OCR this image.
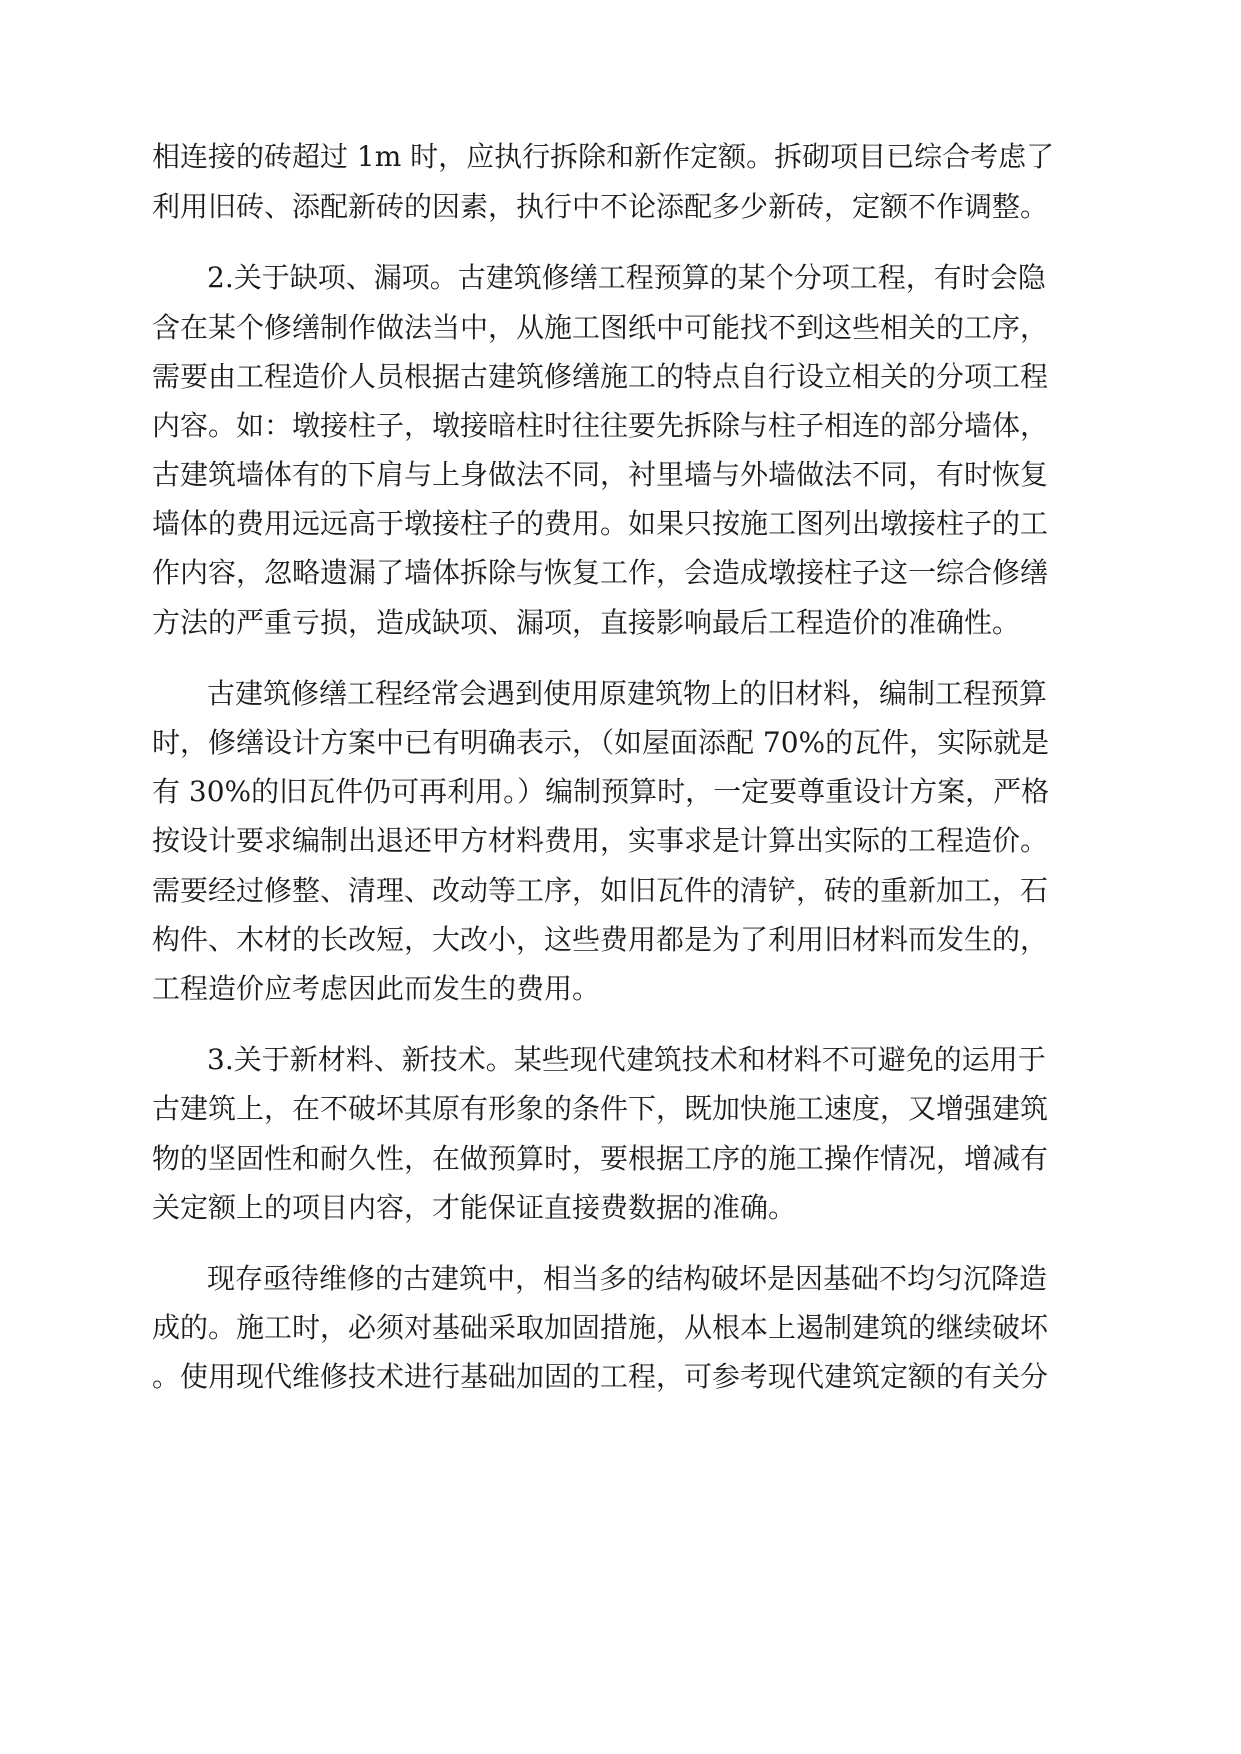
相连接的砖超过 1m 时，应执行拆除和新作定额。拆砌项目已综合考虑了
利用旧砖、添配新砖的因素，执行中不论添配多少新砖，定额不作调整。
2.关于缺项、漏项。古建筑修缮工程预算的某个分项工程，有时会隐
含在某个修缮制作做法当中，从施工图纸中可能找不到这些相关的工序，
需要由工程造价人员根据古建筑修缮施工的特点自行设立相关的分项工程
内容。如：墩接柱子，墩接暗柱时往往要先拆除与柱子相连的部分墙体，
古建筑墙体有的下肩与上身做法不同，衬里墙与外墙做法不同，有时恢复
墙体的费用远远高于墩接柱子的费用。如果只按施工图列出墩接柱子的工
作内容，忽略遗漏了墙体拆除与恢复工作，会造成墩接柱子这一综合修缮
方法的严重亏损，造成缺项、漏项，直接影响最后工程造价的准确性。
古建筑修缮工程经常会遇到使用原建筑物上的旧材料，编制工程预算
时，修缮设计方案中已有明确表示，（如屋面添配 70%的瓦件，实际就是
有 30%的旧瓦件仍可再利用。）编制预算时，一定要尊重设计方案，严格
按设计要求编制出退还甲方材料费用，实事求是计算出实际的工程造价。
需要经过修整、清理、改动等工序，如旧瓦件的清铲，砖的重新加工，石
构件、木材的长改短，大改小，这些费用都是为了利用旧材料而发生的，
工程造价应考虑因此而发生的费用。
3.关于新材料、新技术。某些现代建筑技术和材料不可避免的运用于
古建筑上，在不破坏其原有形象的条件下，既加快施工速度，又增强建筑
物的坚固性和耐久性，在做预算时，要根据工序的施工操作情况，增减有
关定额上的项目内容，才能保证直接费数据的准确。
现存亟待维修的古建筑中，相当多的结构破坏是因基础不均匀沉降造
成的。施工时，必须对基础采取加固措施，从根本上遏制建筑的继续破坏
。使用现代维修技术进行基础加固的工程，可参考现代建筑定额的有关分
